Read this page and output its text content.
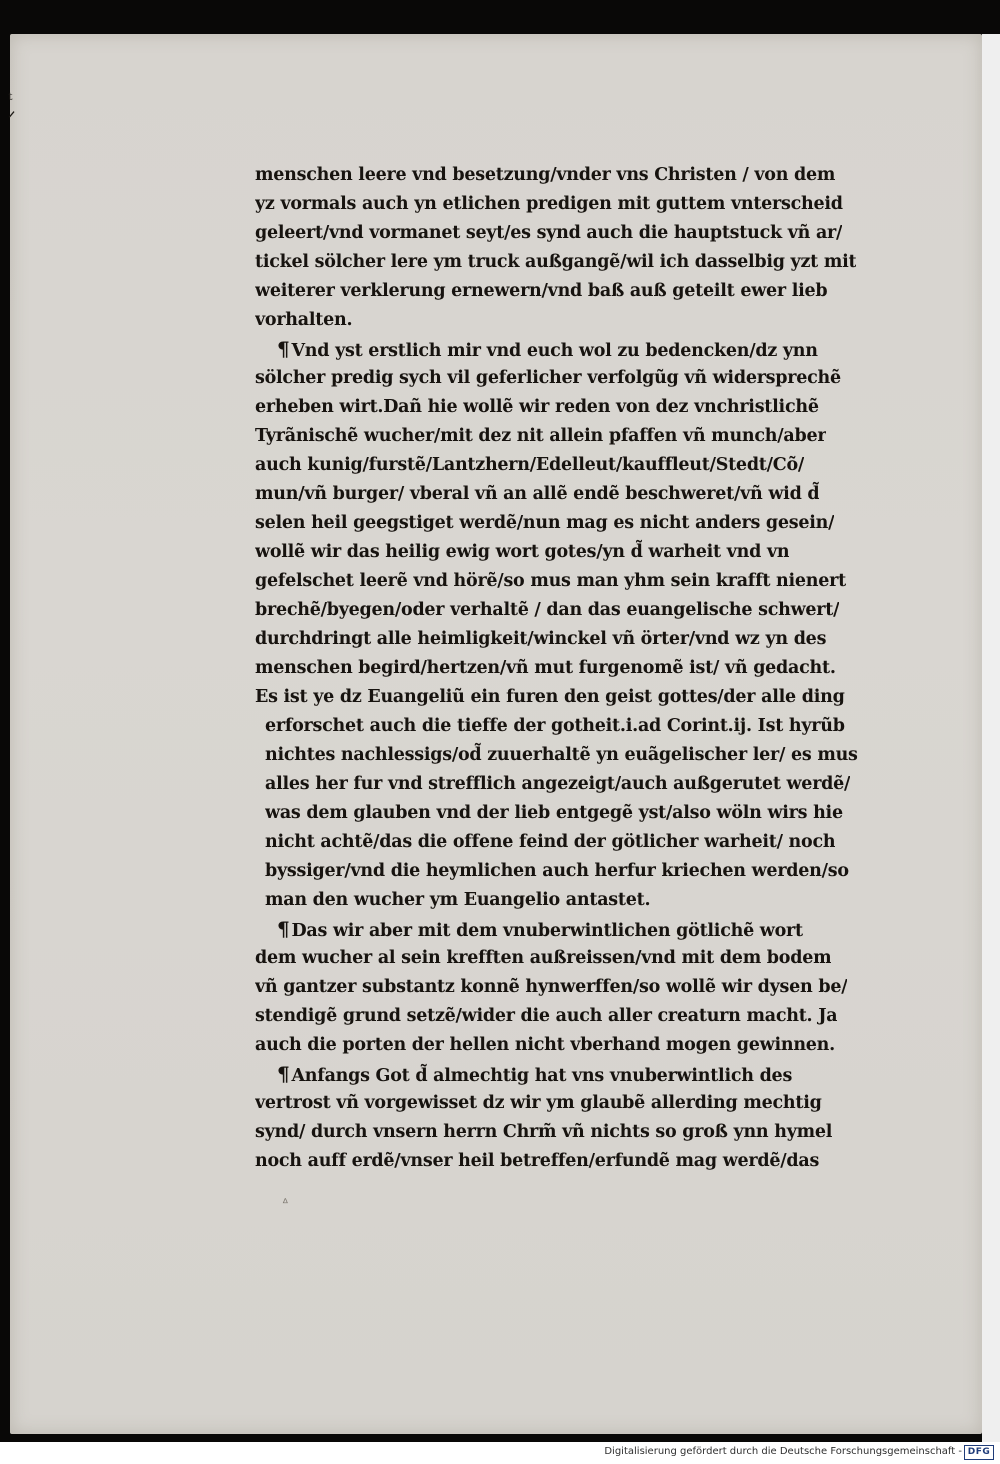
ᵗ
ᐟ
menschen leere vnd besetzung/vnder vns Christen / von dem
yz vormals auch yn etlichen predigen mit guttem vnterscheid
geleert/vnd vormanet seyt/es synd auch die hauptstuck vñ ar/
tickel sölcher lere ym truck außgangẽ/wil ich dasselbig yzt mit
weiterer verklerung ernewern/vnd baß auß geteilt ewer lieb
vorhalten.
¶ Vnd yst erstlich mir vnd euch wol zu bedencken/dz ynn
sölcher predig sych vil geferlicher verfolgũg vñ widersprechẽ
erheben wirt.Dañ hie wollẽ wir reden von dez vnchristlichẽ
Tyrãnischẽ wucher/mit dez nit allein pfaffen vñ munch/aber
auch kunig/furstẽ/Lantzhern/Edelleut/kauffleut/Stedt/Cõ/
mun/vñ burger/ vberal vñ an allẽ endẽ beschweret/vñ wid d̃
selen heil geegstiget werdẽ/nun mag es nicht anders gesein/
wollẽ wir das heilig ewig wort gotes/yn d̃ warheit vnd vn
gefelschet leerẽ vnd hörẽ/so mus man yhm sein krafft nienert
brechẽ/byegen/oder verhaltẽ / dan das euangelische schwert/
durchdringt alle heimligkeit/winckel vñ örter/vnd wz yn des
menschen begird/hertzen/vñ mut furgenomẽ ist/ vñ gedacht.
Es ist ye dz Euangeliũ ein furen den geist gottes/der alle ding
erforschet auch die tieffe der gotheit.i.ad Corint.ij. Ist hyrũb
nichtes nachlessigs/od̃ zuuerhaltẽ yn euãgelischer ler/ es mus
alles her fur vnd strefflich angezeigt/auch außgerutet werdẽ/
was dem glauben vnd der lieb entgegẽ yst/also wöln wirs hie
nicht achtẽ/das die offene feind der götlicher warheit/ noch
byssiger/vnd die heymlichen auch herfur kriechen werden/so
man den wucher ym Euangelio antastet.
¶ Das wir aber mit dem vnuberwintlichen götlichẽ wort
dem wucher al sein krefften außreissen/vnd mit dem bodem
vñ gantzer substantz konnẽ hynwerffen/so wollẽ wir dysen be/
stendigẽ grund setzẽ/wider die auch aller creaturn macht. Ja
auch die porten der hellen nicht vberhand mogen gewinnen.
¶ Anfangs Got d̃ almechtig hat vns vnuberwintlich des
vertrost vñ vorgewisset dz wir ym glaubẽ allerding mechtig
synd/ durch vnsern herrn Chrm̃ vñ nichts so groß ynn hymel
noch auff erdẽ/vnser heil betreffen/erfundẽ mag werdẽ/das
ᐞ
Digitalisierung gefördert durch die Deutsche Forschungsgemeinschaft - DFG
